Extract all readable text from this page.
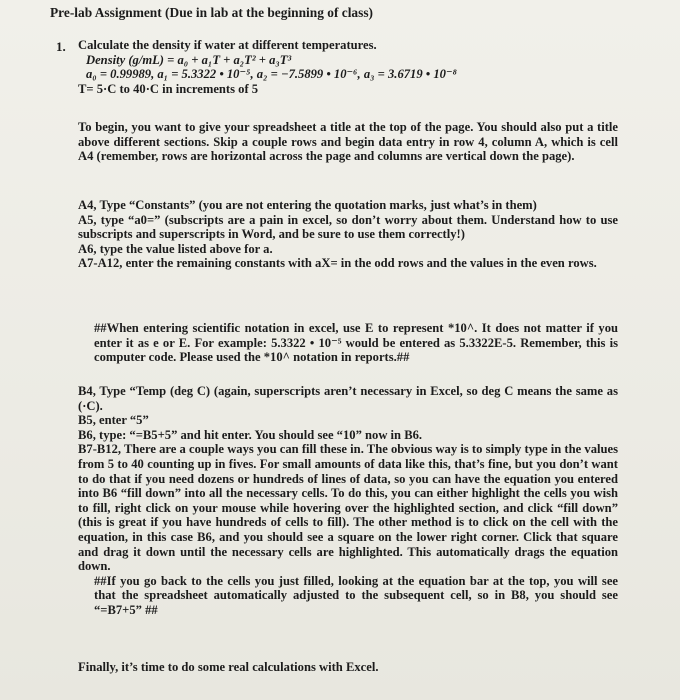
Pre-lab Assignment (Due in lab at the beginning of class)
1. Calculate the density if water at different temperatures.

Density (g/mL) = a₀ + a₁T + a₂T² + a₃T³

a₀ = 0.99989, a₁ = 5.3322 • 10⁻⁵, a₂ = −7.5899 • 10⁻⁶, a₃ = 3.6719 • 10⁻⁸

T= 5·C to 40·C in increments of 5

To begin, you want to give your spreadsheet a title at the top of the page. You should also put a title above different sections. Skip a couple rows and begin data entry in row 4, column A, which is cell A4 (remember, rows are horizontal across the page and columns are vertical down the page).

A4, Type “Constants” (you are not entering the quotation marks, just what’s in them)

A5, type “a0=” (subscripts are a pain in excel, so don’t worry about them. Understand how to use subscripts and superscripts in Word, and be sure to use them correctly!)

A6, type the value listed above for a.

A7-A12, enter the remaining constants with aX= in the odd rows and the values in the even rows.

##When entering scientific notation in excel, use E to represent *10^. It does not matter if you enter it as e or E. For example: 5.3322 • 10⁻⁵ would be entered as 5.3322E-5. Remember, this is computer code. Please used the *10^ notation in reports.##

B4, Type “Temp (deg C) (again, superscripts aren’t necessary in Excel, so deg C means the same as (·C).

B5, enter “5”

B6, type: “=B5+5” and hit enter. You should see “10” now in B6.

B7-B12, There are a couple ways you can fill these in. The obvious way is to simply type in the values from 5 to 40 counting up in fives. For small amounts of data like this, that’s fine, but you don’t want to do that if you need dozens or hundreds of lines of data, so you can have the equation you entered into B6 “fill down” into all the necessary cells. To do this, you can either highlight the cells you wish to fill, right click on your mouse while hovering over the highlighted section, and click “fill down” (this is great if you have hundreds of cells to fill). The other method is to click on the cell with the equation, in this case B6, and you should see a square on the lower right corner. Click that square and drag it down until the necessary cells are highlighted. This automatically drags the equation down.

##If you go back to the cells you just filled, looking at the equation bar at the top, you will see that the spreadsheet automatically adjusted to the subsequent cell, so in B8, you should see “=B7+5” ##

Finally, it’s time to do some real calculations with Excel.
